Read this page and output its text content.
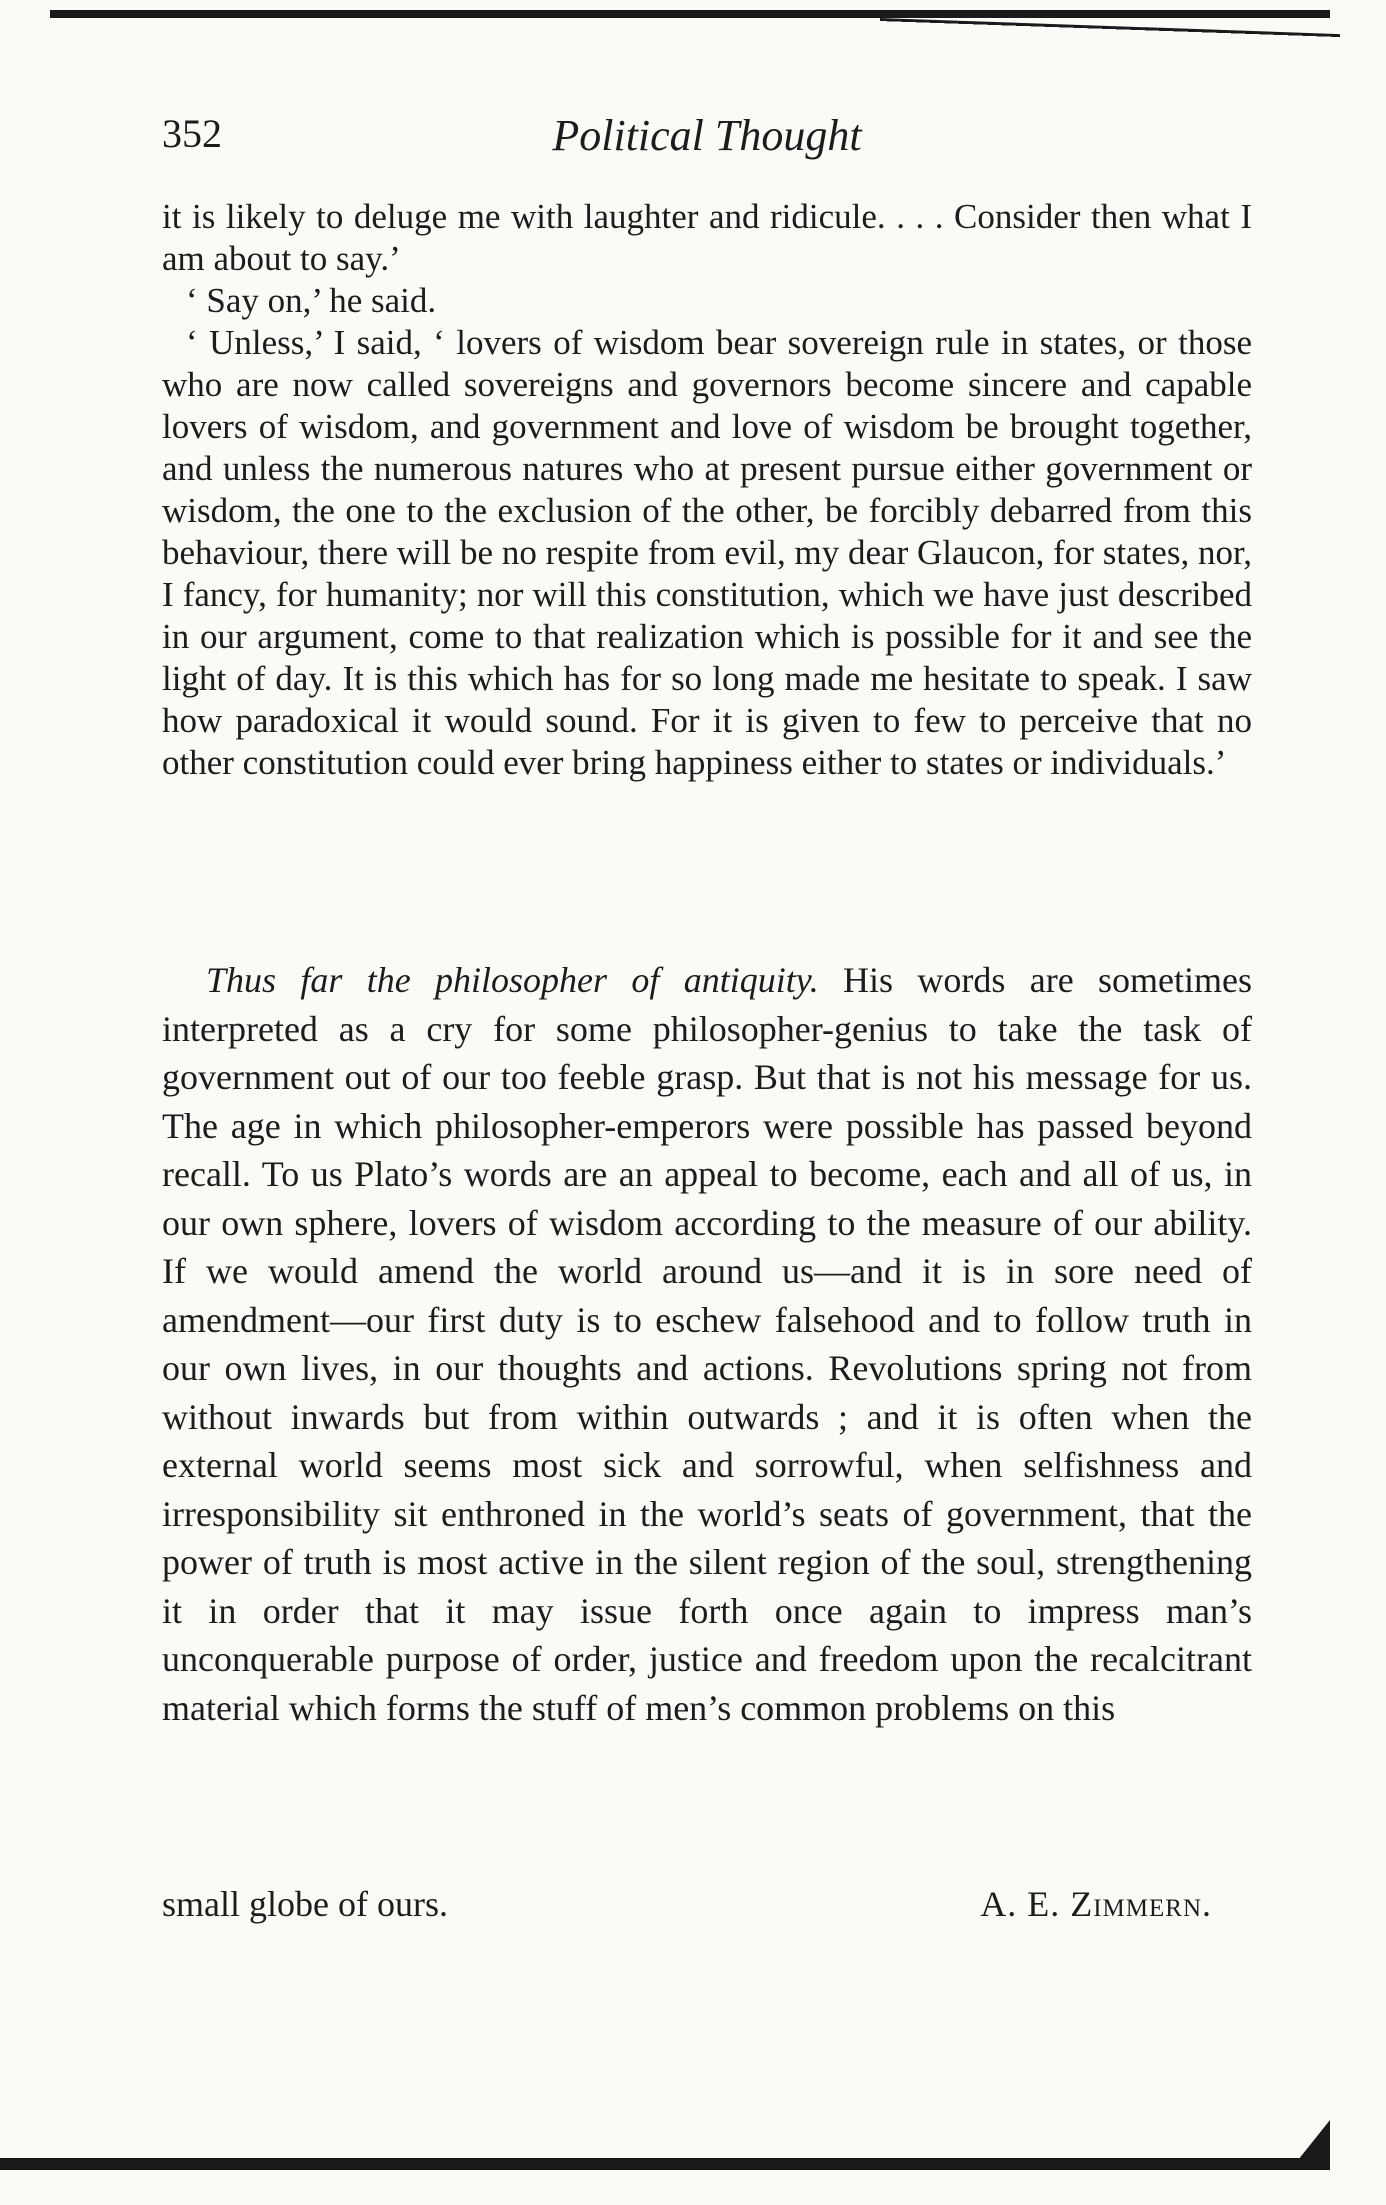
352	Political Thought

it is likely to deluge me with laughter and ridicule. . . . Consider then what I am about to say.’

‘ Say on,’ he said.

‘ Unless,’ I said, ‘ lovers of wisdom bear sovereign rule in states, or those who are now called sovereigns and governors become sincere and capable lovers of wisdom, and government and love of wisdom be brought together, and unless the numerous natures who at present pursue either government or wisdom, the one to the exclusion of the other, be forcibly debarred from this behaviour, there will be no respite from evil, my dear Glaucon, for states, nor, I fancy, for humanity; nor will this constitution, which we have just described in our argument, come to that realization which is possible for it and see the light of day. It is this which has for so long made me hesitate to speak. I saw how paradoxical it would sound. For it is given to few to perceive that no other constitution could ever bring happiness either to states or individuals.’

Thus far the philosopher of antiquity. His words are sometimes interpreted as a cry for some philosopher-genius to take the task of government out of our too feeble grasp. But that is not his message for us. The age in which philosopher-emperors were possible has passed beyond recall. To us Plato’s words are an appeal to become, each and all of us, in our own sphere, lovers of wisdom according to the measure of our ability. If we would amend the world around us—and it is in sore need of amendment—our first duty is to eschew falsehood and to follow truth in our own lives, in our thoughts and actions. Revolutions spring not from without inwards but from within outwards ; and it is often when the external world seems most sick and sorrowful, when selfishness and irresponsibility sit enthroned in the world’s seats of government, that the power of truth is most active in the silent region of the soul, strengthening it in order that it may issue forth once again to impress man’s unconquerable purpose of order, justice and freedom upon the recalcitrant material which forms the stuff of men’s common problems on this

small globe of ours.	A. E. Zimmern.
